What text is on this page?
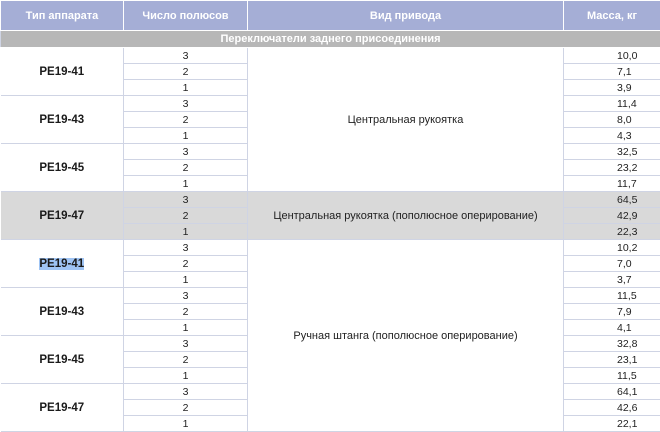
Тип аппарата	Число полюсов	Вид привода	Масса, кг
Переключатели заднего присоединения			
РЕ19-41	3	Центральная рукоятка	10,0
	2		7,1
	1		3,9
РЕ19-43	3		11,4
	2		8,0
	1		4,3
РЕ19-45	3		32,5
	2		23,2
	1		11,7
РЕ19-47	3	Центральная рукоятка (пополюсное оперирование)	64,5
	2		42,9
	1		22,3
РЕ19-41	3	Ручная штанга (пополюсное оперирование)	10,2
	2		7,0
	1		3,7
РЕ19-43	3		11,5
	2		7,9
	1		4,1
РЕ19-45	3		32,8
	2		23,1
	1		11,5
РЕ19-47	3		64,1
	2		42,6
	1		22,1
